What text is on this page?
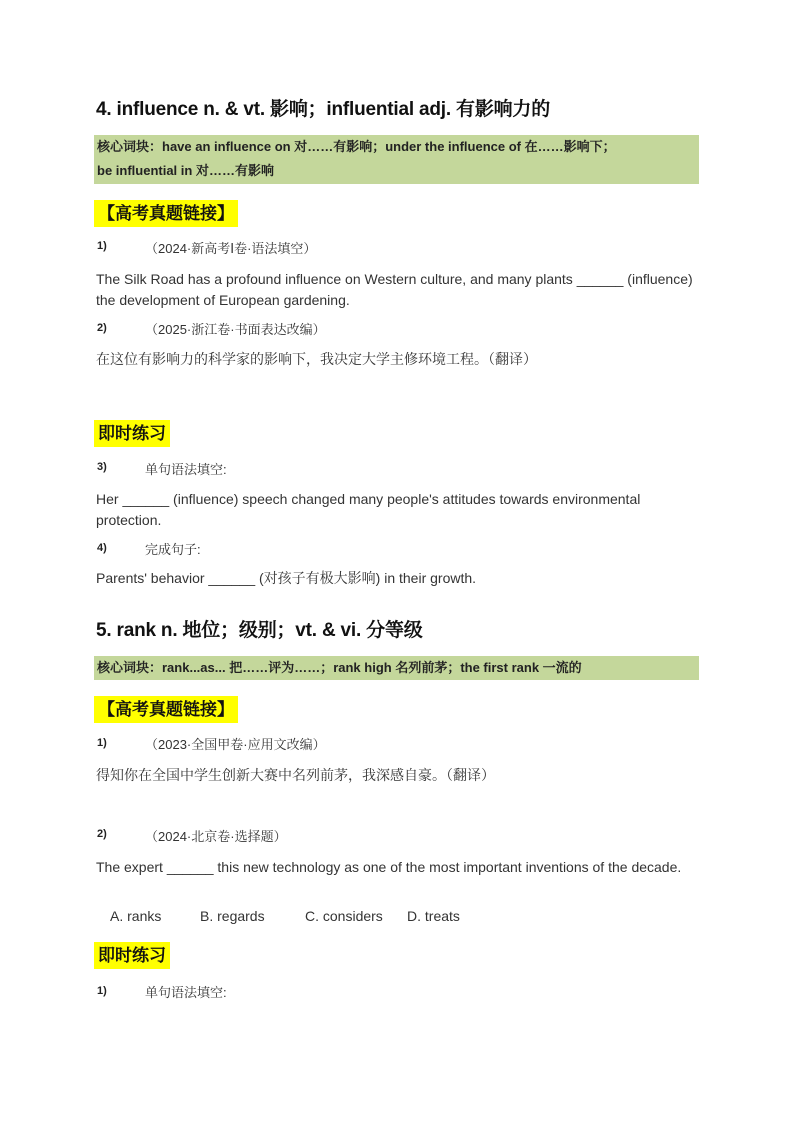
4. influence n. & vt. 影响；influential adj. 有影响力的
核心词块：have an influence on 对……有影响；under the influence of 在……影响下；
be influential in 对……有影响
【高考真题链接】
1)	（2024·新高考Ⅰ卷·语法填空）
The Silk Road has a profound influence on Western culture, and many plants ______ (influence) the development of European gardening.
2)	（2025·浙江卷·书面表达改编）
在这位有影响力的科学家的影响下，我决定大学主修环境工程。（翻译）
即时练习
3)	单句语法填空:
Her ______ (influence) speech changed many people's attitudes towards environmental protection.
4)	完成句子:
Parents' behavior ______ (对孩子有极大影响) in their growth.
5. rank n. 地位；级别；vt. & vi. 分等级
核心词块：rank...as... 把……评为……；rank high 名列前茅；the first rank 一流的
【高考真题链接】
1)	（2023·全国甲卷·应用文改编）
得知你在全国中学生创新大赛中名列前茅，我深感自豪。（翻译）
2)	（2024·北京卷·选择题）
The expert ______ this new technology as one of the most important inventions of the decade.
A. ranks	B. regards	C. considers D. treats
即时练习
1)	单句语法填空:
